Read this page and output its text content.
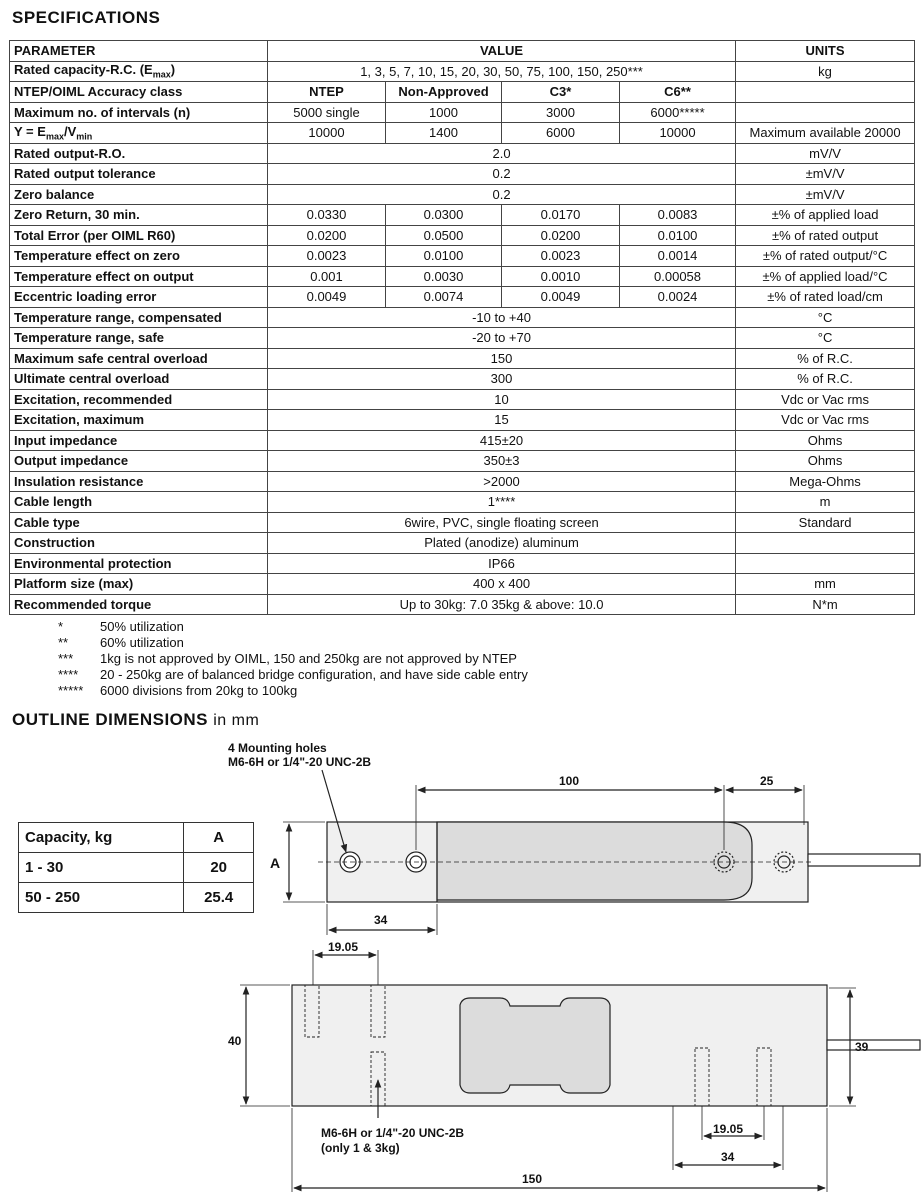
SPECIFICATIONS
PARAMETER	VALUE				UNITS
Rated capacity-R.C. $(E_{max})$	1, 3, 5, 7, 10, 15, 20, 30, 50, 75, 100, 150, 250***				kg
NTEP/OIML Accuracy class	NTEP	Non-Approved	C3*	C6**	
Maximum no. of intervals (n)	5000 single	1000	3000	6000*****	
$Y = E_{max}/V_{min}$	10000	1400	6000	10000	Maximum available 20000
Rated output-R.O.	2.0				mV/V
Rated output tolerance	0.2				±mV/V
Zero balance	0.2				±mV/V
Zero Return, 30 min.	0.0330	0.0300	0.0170	0.0083	±% of applied load
Total Error (per OIML R60)	0.0200	0.0500	0.0200	0.0100	±% of rated output
Temperature effect on zero	0.0023	0.0100	0.0023	0.0014	±% of rated output/°C
Temperature effect on output	0.001	0.0030	0.0010	0.00058	±% of applied load/°C
Eccentric loading error	0.0049	0.0074	0.0049	0.0024	±% of rated load/cm
Temperature range, compensated	-10 to +40				°C
Temperature range, safe	-20 to +70				°C
Maximum safe central overload	150				% of R.C.
Ultimate central overload	300				% of R.C.
Excitation, recommended	10				Vdc or Vac rms
Excitation, maximum	15				Vdc or Vac rms
Input impedance	415±20				Ohms
Output impedance	350±3				Ohms
Insulation resistance	>2000				Mega-Ohms
Cable length	1****				m
Cable type	6wire, PVC, single floating screen				Standard
Construction	Plated (anodize) aluminum				
Environmental protection	IP66				
Platform size (max)	400 x 400				mm
Recommended torque	Up to 30kg: 7.0 35kg & above: 10.0				N*m
*	50% utilization
**	60% utilization
***	1kg is not approved by OIML, 150 and 250kg are not approved by NTEP
****	20 - 250kg are of balanced bridge configuration, and have side cable entry
*****	6000 divisions from 20kg to 100kg
OUTLINE DIMENSIONS in mm
Capacity, kg	A
1 - 30	20
50 - 250	25.4
4 Mounting holes
M6-6H or 1/4"-20 UNC-2B
100	25
A
34
19.05
40	39
M6-6H or 1/4"-20 UNC-2B
(only 1 & 3kg)
19.05
34
150
